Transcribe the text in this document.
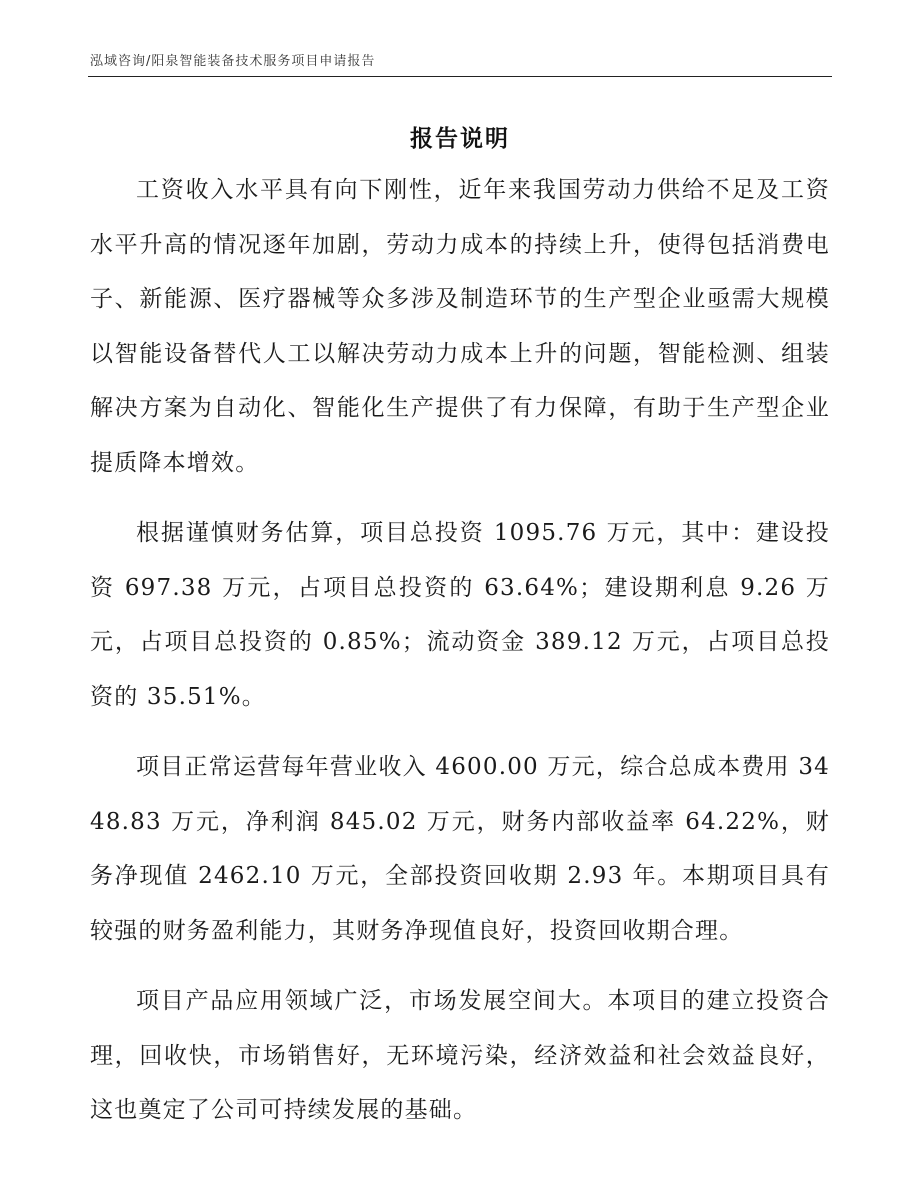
泓域咨询/阳泉智能装备技术服务项目申请报告
报告说明

工资收入水平具有向下刚性，近年来我国劳动力供给不足及工资水平升高的情况逐年加剧，劳动力成本的持续上升，使得包括消费电子、新能源、医疗器械等众多涉及制造环节的生产型企业亟需大规模以智能设备替代人工以解决劳动力成本上升的问题，智能检测、组装解决方案为自动化、智能化生产提供了有力保障，有助于生产型企业提质降本增效。

根据谨慎财务估算，项目总投资 1095.76 万元，其中：建设投资 697.38 万元，占项目总投资的 63.64%；建设期利息 9.26 万元，占项目总投资的 0.85%；流动资金 389.12 万元，占项目总投资的 35.51%。

项目正常运营每年营业收入 4600.00 万元，综合总成本费用 3448.83 万元，净利润 845.02 万元，财务内部收益率 64.22%，财务净现值 2462.10 万元，全部投资回收期 2.93 年。本期项目具有较强的财务盈利能力，其财务净现值良好，投资回收期合理。

项目产品应用领域广泛，市场发展空间大。本项目的建立投资合理，回收快，市场销售好，无环境污染，经济效益和社会效益良好，这也奠定了公司可持续发展的基础。
